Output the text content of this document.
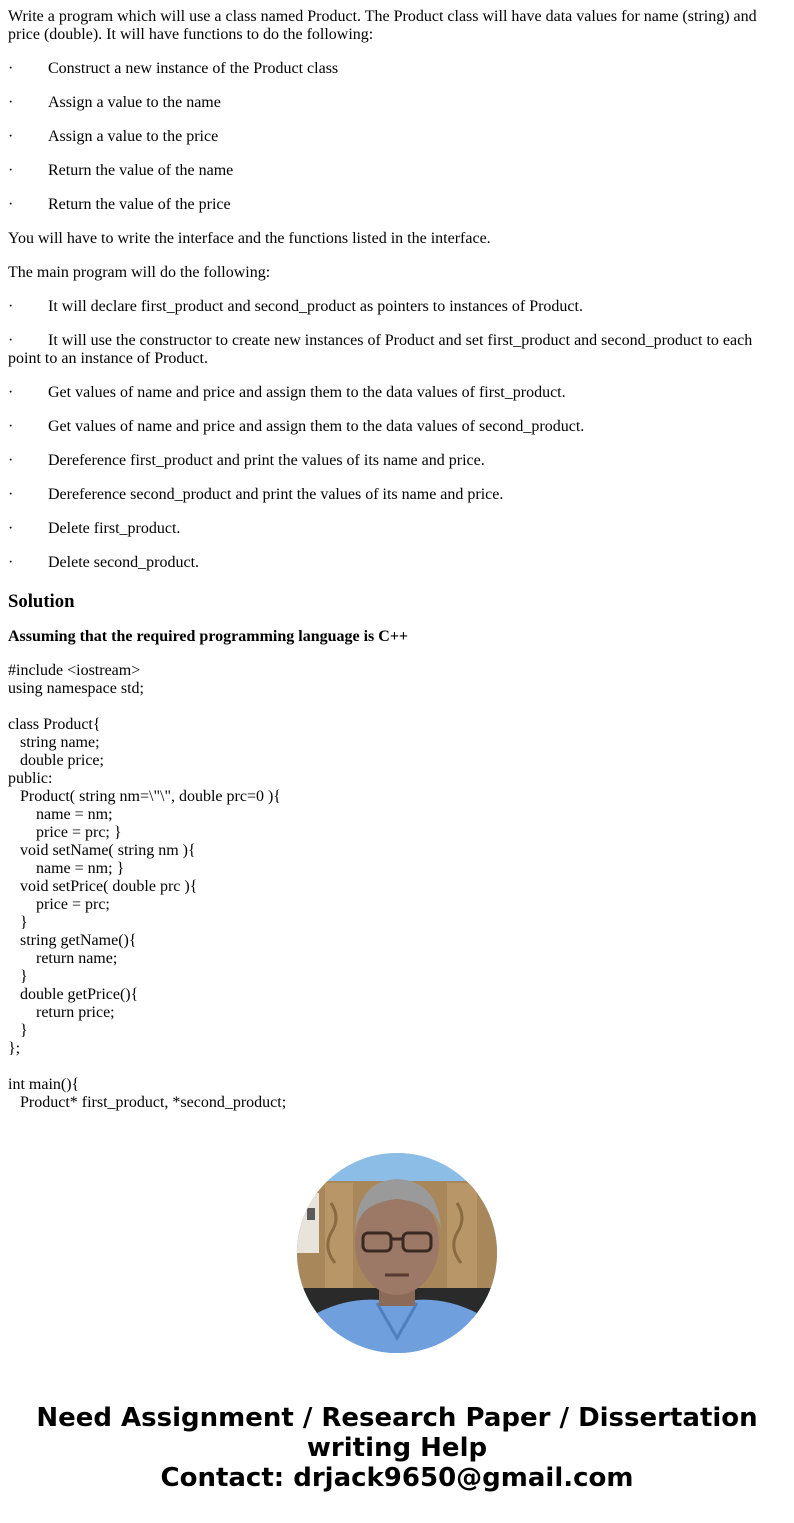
Write a program which will use a class named Product. The Product class will have data values for name (string) and price (double). It will have functions to do the following:

· Construct a new instance of the Product class

· Assign a value to the name

· Assign a value to the price

· Return the value of the name

· Return the value of the price

You will have to write the interface and the functions listed in the interface.

The main program will do the following:

· It will declare first_product and second_product as pointers to instances of Product.

· It will use the constructor to create new instances of Product and set first_product and second_product to each point to an instance of Product.

· Get values of name and price and assign them to the data values of first_product.

· Get values of name and price and assign them to the data values of second_product.

· Dereference first_product and print the values of its name and price.

· Dereference second_product and print the values of its name and price.

· Delete first_product.

· Delete second_product.

Solution

Assuming that the required programming language is C++

#include <iostream>
using namespace std;
class Product{
string name;
double price;
public:
Product( string nm=\"\", double prc=0 ){
name = nm;
price = prc; }
void setName( string nm ){
name = nm; }
void setPrice( double prc ){
price = prc;
}
string getName(){
return name;
}
double getPrice(){
return price;
}
};
int main(){
Product* first_product, *second_product;
Need Assignment / Research Paper / Dissertation
writing Help
Contact: drjack9650@gmail.com
